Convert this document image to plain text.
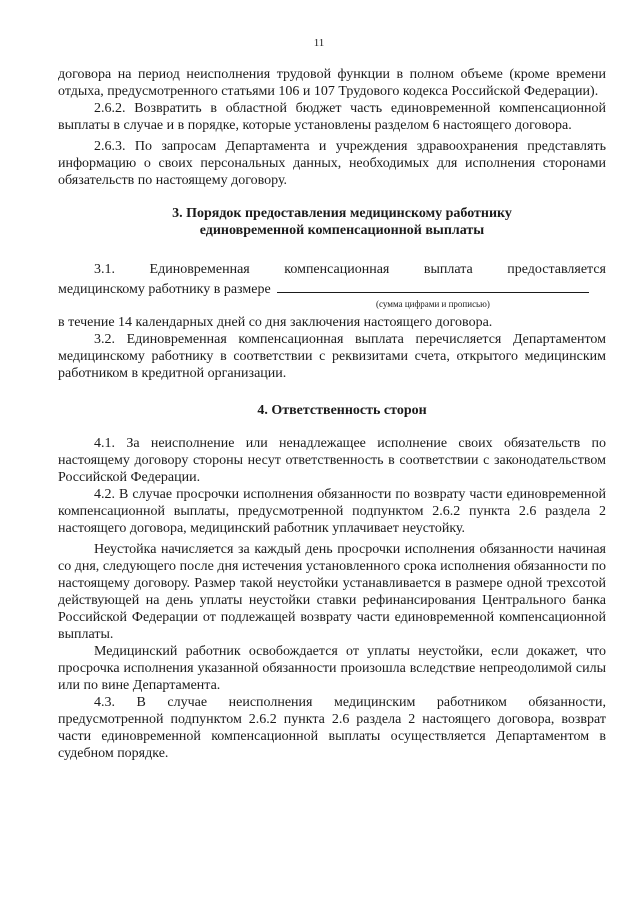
11

договора на период неисполнения трудовой функции в полном объеме (кроме времени отдыха, предусмотренного статьями 106 и 107 Трудового кодекса Российской Федерации).

2.6.2. Возвратить в областной бюджет часть единовременной компенсационной выплаты в случае и в порядке, которые установлены разделом 6 настоящего договора.

2.6.3. По запросам Департамента и учреждения здравоохранения представлять информацию о своих персональных данных, необходимых для исполнения сторонами обязательств по настоящему договору.

3. Порядок предоставления медицинскому работнику
единовременной компенсационной выплаты

3.1. Единовременная компенсационная выплата предоставляется

медицинскому работнику в размере
(сумма цифрами и прописью)

в течение 14 календарных дней со дня заключения настоящего договора.

3.2. Единовременная компенсационная выплата перечисляется Департаментом медицинскому работнику в соответствии с реквизитами счета, открытого медицинским работником в кредитной организации.

4. Ответственность сторон

4.1. За неисполнение или ненадлежащее исполнение своих обязательств по настоящему договору стороны несут ответственность в соответствии с законодательством Российской Федерации.

4.2. В случае просрочки исполнения обязанности по возврату части единовременной компенсационной выплаты, предусмотренной подпунктом 2.6.2 пункта 2.6 раздела 2 настоящего договора, медицинский работник уплачивает неустойку.

Неустойка начисляется за каждый день просрочки исполнения обязанности начиная со дня, следующего после дня истечения установленного срока исполнения обязанности по настоящему договору. Размер такой неустойки устанавливается в размере одной трехсотой действующей на день уплаты неустойки ставки рефинансирования Центрального банка Российской Федерации от подлежащей возврату части единовременной компенсационной выплаты.

Медицинский работник освобождается от уплаты неустойки, если докажет, что просрочка исполнения указанной обязанности произошла вследствие непреодолимой силы или по вине Департамента.

4.3. В случае неисполнения медицинским работником обязанности, предусмотренной подпунктом 2.6.2 пункта 2.6 раздела 2 настоящего договора, возврат части единовременной компенсационной выплаты осуществляется Департаментом в судебном порядке.
